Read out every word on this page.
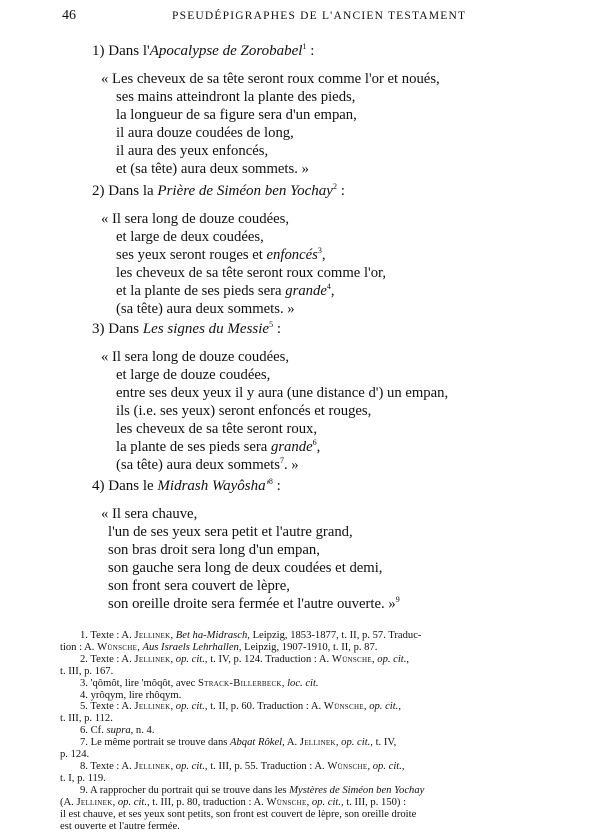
46	PSEUDÉPIGRAPHES DE L'ANCIEN TESTAMENT
1) Dans l'Apocalypse de Zorobabel$^1$ :
« Les cheveux de sa tête seront roux comme l'or et noués,
ses mains atteindront la plante des pieds,
la longueur de sa figure sera d'un empan,
il aura douze coudées de long,
il aura des yeux enfoncés,
et (sa tête) aura deux sommets. »
2) Dans la Prière de Siméon ben Yochay$^2$ :
« Il sera long de douze coudées,
et large de deux coudées,
ses yeux seront rouges et enfoncés$^3$,
les cheveux de sa tête seront roux comme l'or,
et la plante de ses pieds sera grande$^4$,
(sa tête) aura deux sommets. »
3) Dans Les signes du Messie$^5$ :
« Il sera long de douze coudées,
et large de douze coudées,
entre ses deux yeux il y aura (une distance d') un empan,
ils (i.e. ses yeux) seront enfoncés et rouges,
les cheveux de sa tête seront roux,
la plante de ses pieds sera grande$^6$,
(sa tête) aura deux sommets$^7$. »
4) Dans le Midrash $Wayôsha'^8$ :
« Il sera chauve,
l'un de ses yeux sera petit et l'autre grand,
son bras droit sera long d'un empan,
son gauche sera long de deux coudées et demi,
son front sera couvert de lèpre,
son oreille droite sera fermée et l'autre ouverte. »$^9$
1. Texte : A. Jellinek, Bet ha-Midrasch, Leipzig, 1853-1877, t. II, p. 57. Traduc-
tion : A. Wünsche, Aus Israels Lehrhallen, Leipzig, 1907-1910, t. II, p. 87.
2. Texte : A. Jellinek, op. cit., t. IV, p. 124. Traduction : A. Wünsche, op. cit.,
t. III, p. 167.
3. 'qômôt, lire 'môqôt, avec Strack-Billerbeck, loc. cit.
4. yrôqym, lire rhôqym.
5. Texte : A. Jellinek, op. cit., t. II, p. 60. Traduction : A. Wünsche, op. cit.,
t. III, p. 112.
6. Cf. supra, n. 4.
7. Le même portrait se trouve dans Abqat Rôkel, A. Jellinek, op. cit., t. IV,
p. 124.
8. Texte : A. Jellinek, op. cit., t. III, p. 55. Traduction : A. Wünsche, op. cit.,
t. I, p. 119.
9. A rapprocher du portrait qui se trouve dans les Mystères de Siméon ben Yochay
(A. Jellinek, op. cit., t. III, p. 80, traduction : A. Wünsche, op. cit., t. III, p. 150) :
il est chauve, et ses yeux sont petits, son front est couvert de lèpre, son oreille droite
est ouverte et l'autre fermée.
